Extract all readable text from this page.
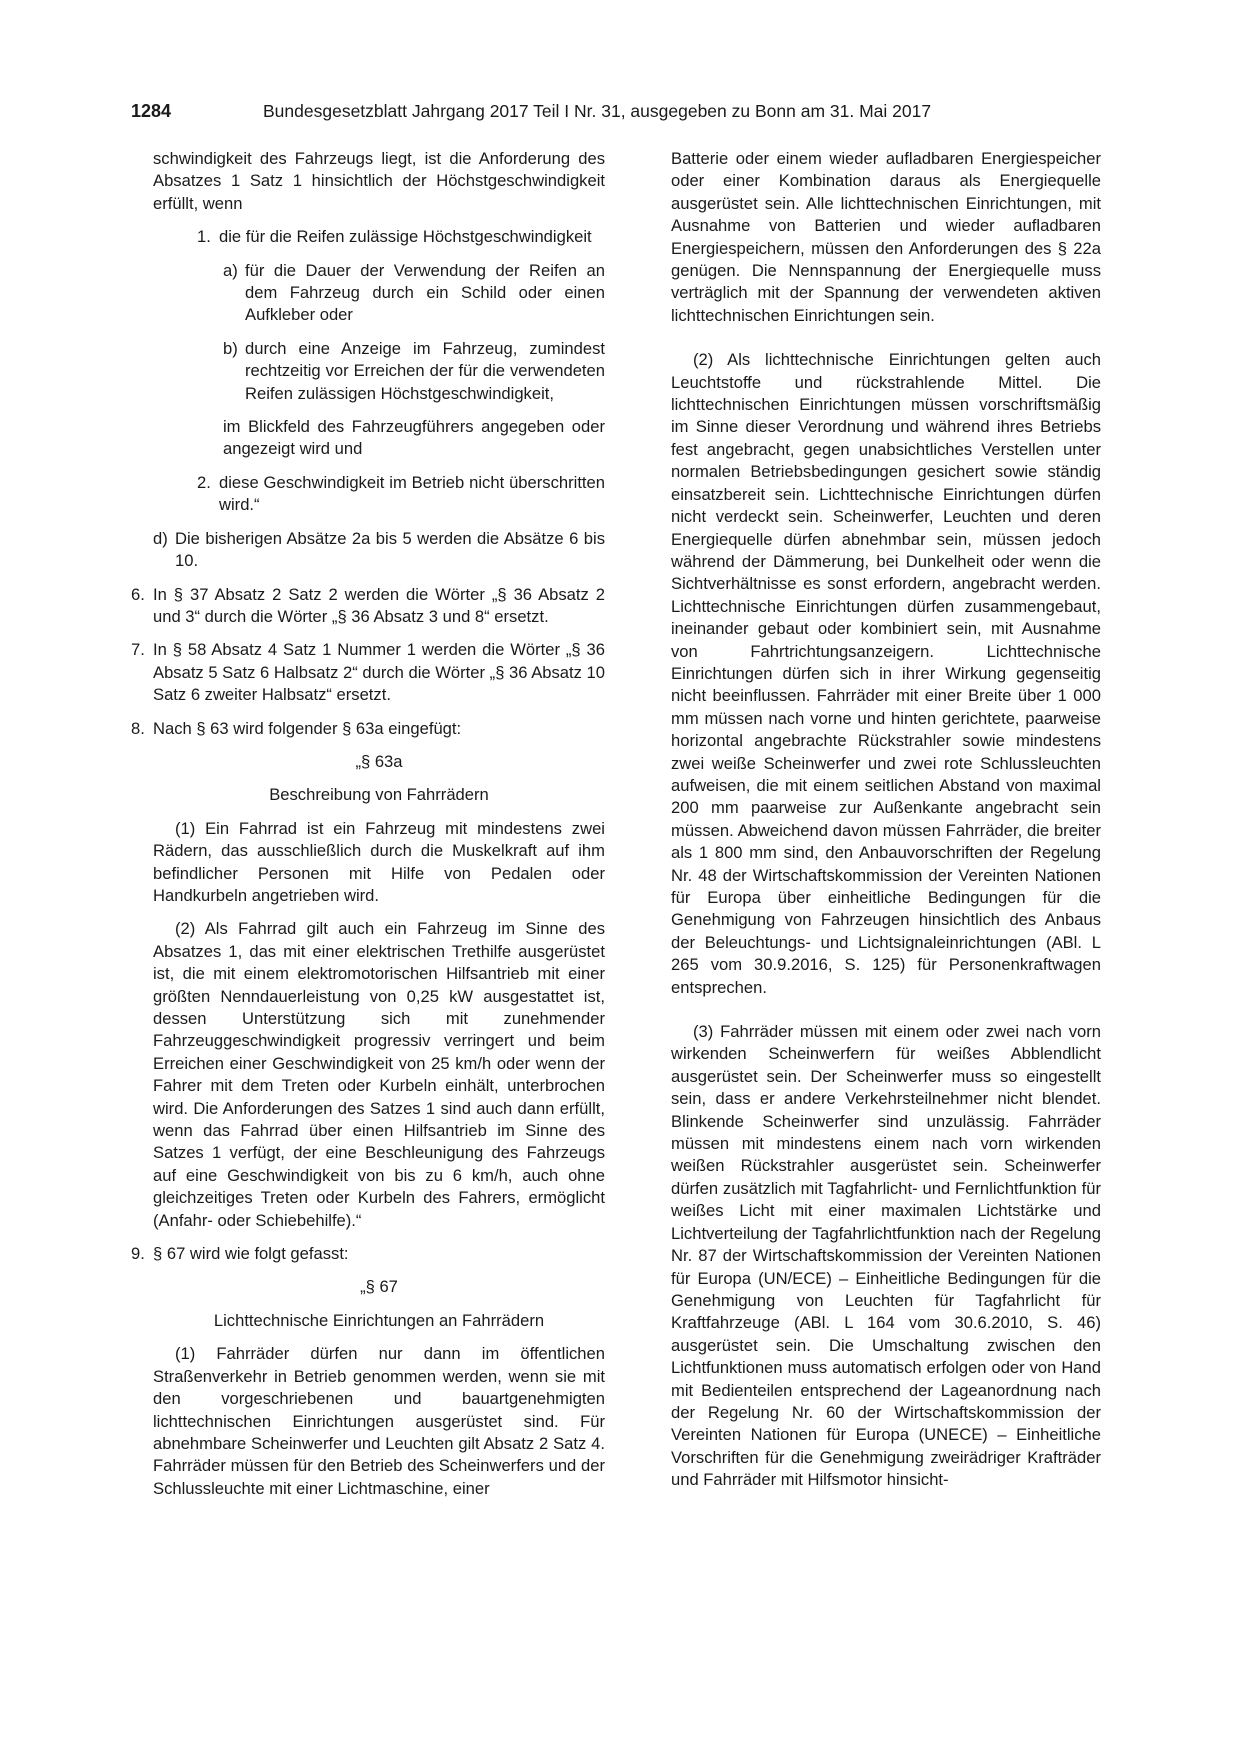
1284	Bundesgesetzblatt Jahrgang 2017 Teil I Nr. 31, ausgegeben zu Bonn am 31. Mai 2017

schwindigkeit des Fahrzeugs liegt, ist die Anforderung des Absatzes 1 Satz 1 hinsichtlich der Höchstgeschwindigkeit erfüllt, wenn

1. die für die Reifen zulässige Höchstgeschwindigkeit
a) für die Dauer der Verwendung der Reifen an dem Fahrzeug durch ein Schild oder einen Aufkleber oder
b) durch eine Anzeige im Fahrzeug, zumindest rechtzeitig vor Erreichen der für die verwendeten Reifen zulässigen Höchstgeschwindigkeit,

im Blickfeld des Fahrzeugführers angegeben oder angezeigt wird und

2. diese Geschwindigkeit im Betrieb nicht überschritten wird.“
d) Die bisherigen Absätze 2a bis 5 werden die Absätze 6 bis 10.
6. In § 37 Absatz 2 Satz 2 werden die Wörter „§ 36 Absatz 2 und 3“ durch die Wörter „§ 36 Absatz 3 und 8“ ersetzt.
7. In § 58 Absatz 4 Satz 1 Nummer 1 werden die Wörter „§ 36 Absatz 5 Satz 6 Halbsatz 2“ durch die Wörter „§ 36 Absatz 10 Satz 6 zweiter Halbsatz“ ersetzt.
8. Nach § 63 wird folgender § 63a eingefügt:

„§ 63a

Beschreibung von Fahrrädern

(1) Ein Fahrrad ist ein Fahrzeug mit mindestens zwei Rädern, das ausschließlich durch die Muskelkraft auf ihm befindlicher Personen mit Hilfe von Pedalen oder Handkurbeln angetrieben wird.

(2) Als Fahrrad gilt auch ein Fahrzeug im Sinne des Absatzes 1, das mit einer elektrischen Trethilfe ausgerüstet ist, die mit einem elektromotorischen Hilfsantrieb mit einer größten Nenndauerleistung von 0,25 kW ausgestattet ist, dessen Unterstützung sich mit zunehmender Fahrzeuggeschwindigkeit progressiv verringert und beim Erreichen einer Geschwindigkeit von 25 km/h oder wenn der Fahrer mit dem Treten oder Kurbeln einhält, unterbrochen wird. Die Anforderungen des Satzes 1 sind auch dann erfüllt, wenn das Fahrrad über einen Hilfsantrieb im Sinne des Satzes 1 verfügt, der eine Beschleunigung des Fahrzeugs auf eine Geschwindigkeit von bis zu 6 km/h, auch ohne gleichzeitiges Treten oder Kurbeln des Fahrers, ermöglicht (Anfahr- oder Schiebehilfe).“

9. § 67 wird wie folgt gefasst:

„§ 67

Lichttechnische Einrichtungen an Fahrrädern

(1) Fahrräder dürfen nur dann im öffentlichen Straßenverkehr in Betrieb genommen werden, wenn sie mit den vorgeschriebenen und bauartgenehmigten lichttechnischen Einrichtungen ausgerüstet sind. Für abnehmbare Scheinwerfer und Leuchten gilt Absatz 2 Satz 4. Fahrräder müssen für den Betrieb des Scheinwerfers und der Schlussleuchte mit einer Lichtmaschine, einer

Batterie oder einem wieder aufladbaren Energiespeicher oder einer Kombination daraus als Energiequelle ausgerüstet sein. Alle lichttechnischen Einrichtungen, mit Ausnahme von Batterien und wieder aufladbaren Energiespeichern, müssen den Anforderungen des § 22a genügen. Die Nennspannung der Energiequelle muss verträglich mit der Spannung der verwendeten aktiven lichttechnischen Einrichtungen sein.

(2) Als lichttechnische Einrichtungen gelten auch Leuchtstoffe und rückstrahlende Mittel. Die lichttechnischen Einrichtungen müssen vorschriftsmäßig im Sinne dieser Verordnung und während ihres Betriebs fest angebracht, gegen unabsichtliches Verstellen unter normalen Betriebsbedingungen gesichert sowie ständig einsatzbereit sein. Lichttechnische Einrichtungen dürfen nicht verdeckt sein. Scheinwerfer, Leuchten und deren Energiequelle dürfen abnehmbar sein, müssen jedoch während der Dämmerung, bei Dunkelheit oder wenn die Sichtverhältnisse es sonst erfordern, angebracht werden. Lichttechnische Einrichtungen dürfen zusammengebaut, ineinander gebaut oder kombiniert sein, mit Ausnahme von Fahrtrichtungsanzeigern. Lichttechnische Einrichtungen dürfen sich in ihrer Wirkung gegenseitig nicht beeinflussen. Fahrräder mit einer Breite über 1 000 mm müssen nach vorne und hinten gerichtete, paarweise horizontal angebrachte Rückstrahler sowie mindestens zwei weiße Scheinwerfer und zwei rote Schlussleuchten aufweisen, die mit einem seitlichen Abstand von maximal 200 mm paarweise zur Außenkante angebracht sein müssen. Abweichend davon müssen Fahrräder, die breiter als 1 800 mm sind, den Anbauvorschriften der Regelung Nr. 48 der Wirtschaftskommission der Vereinten Nationen für Europa über einheitliche Bedingungen für die Genehmigung von Fahrzeugen hinsichtlich des Anbaus der Beleuchtungs- und Lichtsignaleinrichtungen (ABl. L 265 vom 30.9.2016, S. 125) für Personenkraftwagen entsprechen.

(3) Fahrräder müssen mit einem oder zwei nach vorn wirkenden Scheinwerfern für weißes Abblendlicht ausgerüstet sein. Der Scheinwerfer muss so eingestellt sein, dass er andere Verkehrsteilnehmer nicht blendet. Blinkende Scheinwerfer sind unzulässig. Fahrräder müssen mit mindestens einem nach vorn wirkenden weißen Rückstrahler ausgerüstet sein. Scheinwerfer dürfen zusätzlich mit Tagfahrlicht- und Fernlichtfunktion für weißes Licht mit einer maximalen Lichtstärke und Lichtverteilung der Tagfahrlichtfunktion nach der Regelung Nr. 87 der Wirtschaftskommission der Vereinten Nationen für Europa (UN/ECE) – Einheitliche Bedingungen für die Genehmigung von Leuchten für Tagfahrlicht für Kraftfahrzeuge (ABl. L 164 vom 30.6.2010, S. 46) ausgerüstet sein. Die Umschaltung zwischen den Lichtfunktionen muss automatisch erfolgen oder von Hand mit Bedienteilen entsprechend der Lageanordnung nach der Regelung Nr. 60 der Wirtschaftskommission der Vereinten Nationen für Europa (UNECE) – Einheitliche Vorschriften für die Genehmigung zweirädriger Krafträder und Fahrräder mit Hilfsmotor hinsicht-
